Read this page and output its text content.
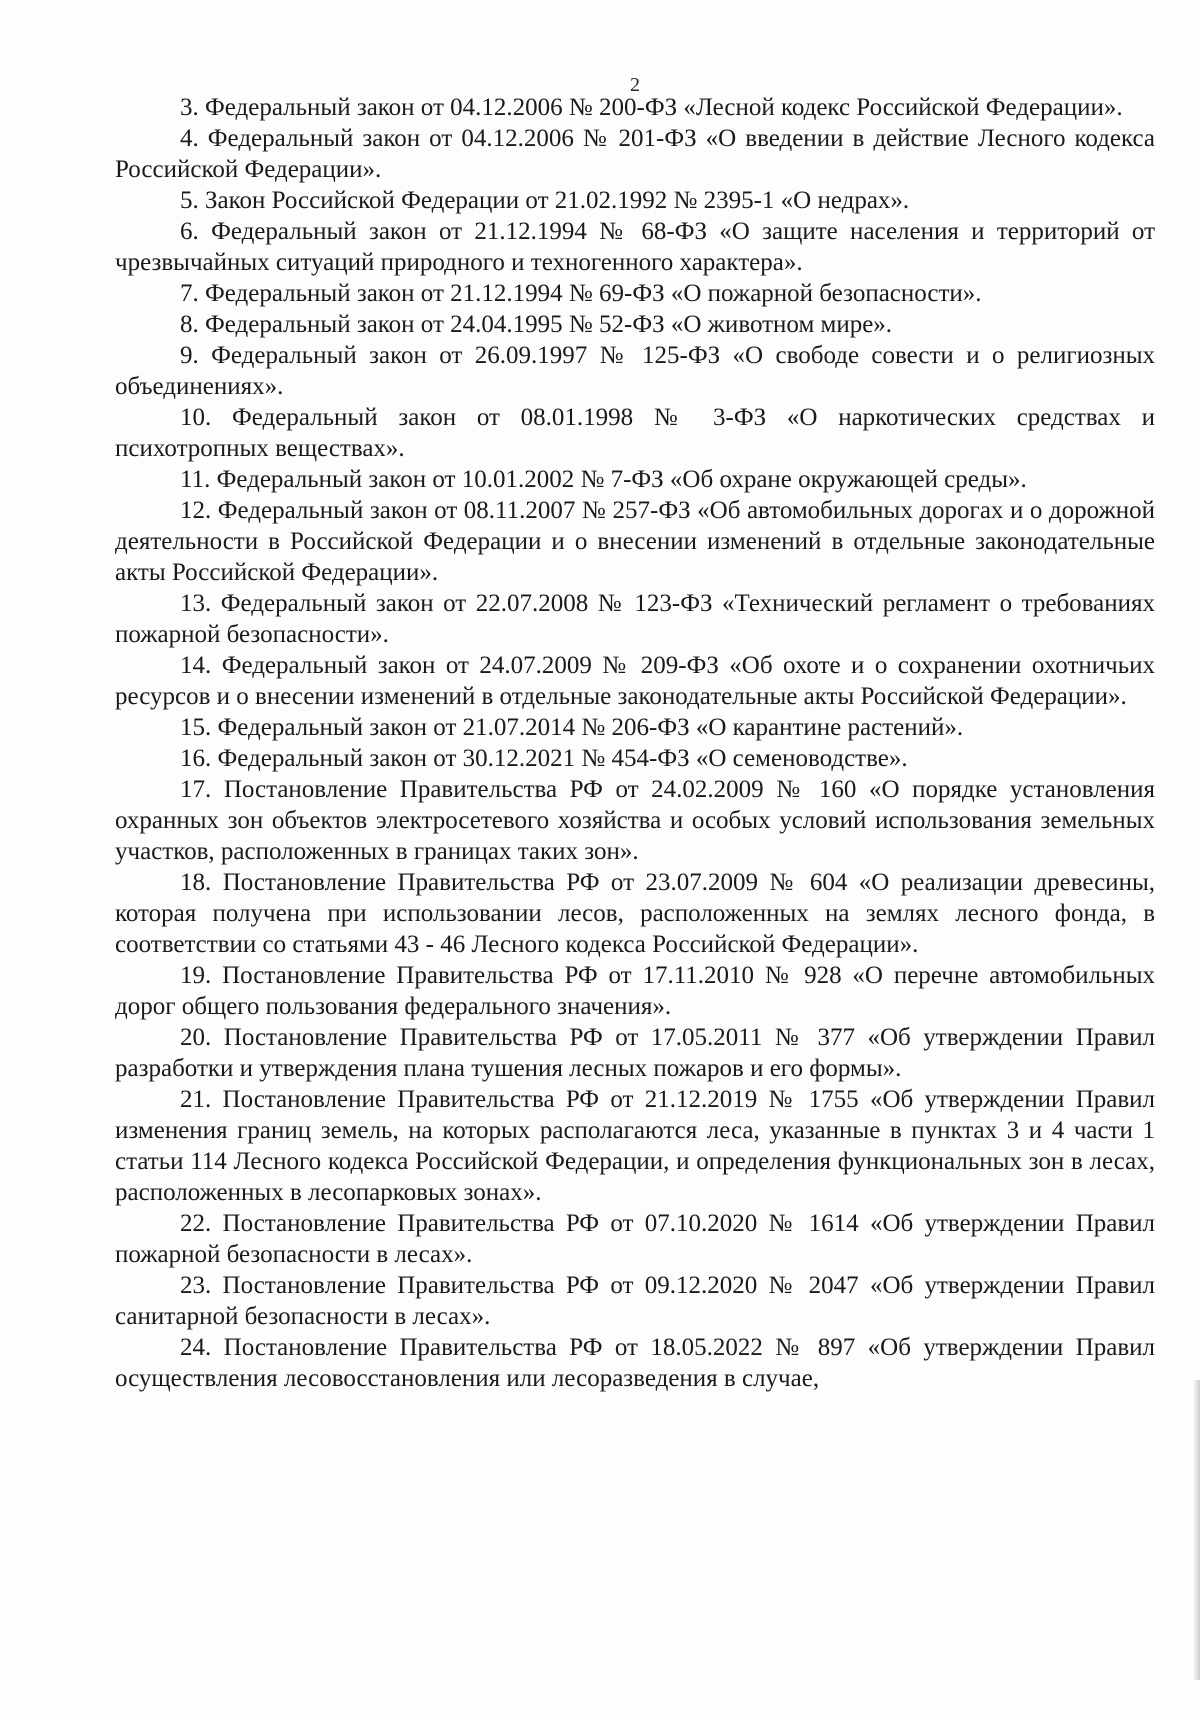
2

3. Федеральный закон от 04.12.2006 № 200-ФЗ «Лесной кодекс Российской Федерации».

4. Федеральный закон от 04.12.2006 № 201-ФЗ «О введении в действие Лесного кодекса Российской Федерации».

5. Закон Российской Федерации от 21.02.1992 № 2395-1 «О недрах».

6. Федеральный закон от 21.12.1994 № 68-ФЗ «О защите населения и территорий от чрезвычайных ситуаций природного и техногенного характера».

7. Федеральный закон от 21.12.1994 № 69-ФЗ «О пожарной безопасности».

8. Федеральный закон от 24.04.1995 № 52-ФЗ «О животном мире».

9. Федеральный закон от 26.09.1997 № 125-ФЗ «О свободе совести и о религиозных объединениях».

10. Федеральный закон от 08.01.1998 № 3-ФЗ «О наркотических средствах и психотропных веществах».

11. Федеральный закон от 10.01.2002 № 7-ФЗ «Об охране окружающей среды».

12. Федеральный закон от 08.11.2007 № 257-ФЗ «Об автомобильных дорогах и о дорожной деятельности в Российской Федерации и о внесении изменений в отдельные законодательные акты Российской Федерации».

13. Федеральный закон от 22.07.2008 № 123-ФЗ «Технический регламент о требованиях пожарной безопасности».

14. Федеральный закон от 24.07.2009 № 209-ФЗ «Об охоте и о сохранении охотничьих ресурсов и о внесении изменений в отдельные законодательные акты Российской Федерации».

15. Федеральный закон от 21.07.2014 № 206-ФЗ «О карантине растений».

16. Федеральный закон от 30.12.2021 № 454-ФЗ «О семеноводстве».

17. Постановление Правительства РФ от 24.02.2009 № 160 «О порядке установления охранных зон объектов электросетевого хозяйства и особых условий использования земельных участков, расположенных в границах таких зон».

18. Постановление Правительства РФ от 23.07.2009 № 604 «О реализации древесины, которая получена при использовании лесов, расположенных на землях лесного фонда, в соответствии со статьями 43 - 46 Лесного кодекса Российской Федерации».

19. Постановление Правительства РФ от 17.11.2010 № 928 «О перечне автомобильных дорог общего пользования федерального значения».

20. Постановление Правительства РФ от 17.05.2011 № 377 «Об утверждении Правил разработки и утверждения плана тушения лесных пожаров и его формы».

21. Постановление Правительства РФ от 21.12.2019 № 1755 «Об утверждении Правил изменения границ земель, на которых располагаются леса, указанные в пунктах 3 и 4 части 1 статьи 114 Лесного кодекса Российской Федерации, и определения функциональных зон в лесах, расположенных в лесопарковых зонах».

22. Постановление Правительства РФ от 07.10.2020 № 1614 «Об утверждении Правил пожарной безопасности в лесах».

23. Постановление Правительства РФ от 09.12.2020 № 2047 «Об утверждении Правил санитарной безопасности в лесах».

24. Постановление Правительства РФ от 18.05.2022 № 897 «Об утверждении Правил осуществления лесовосстановления или лесоразведения в случае,
